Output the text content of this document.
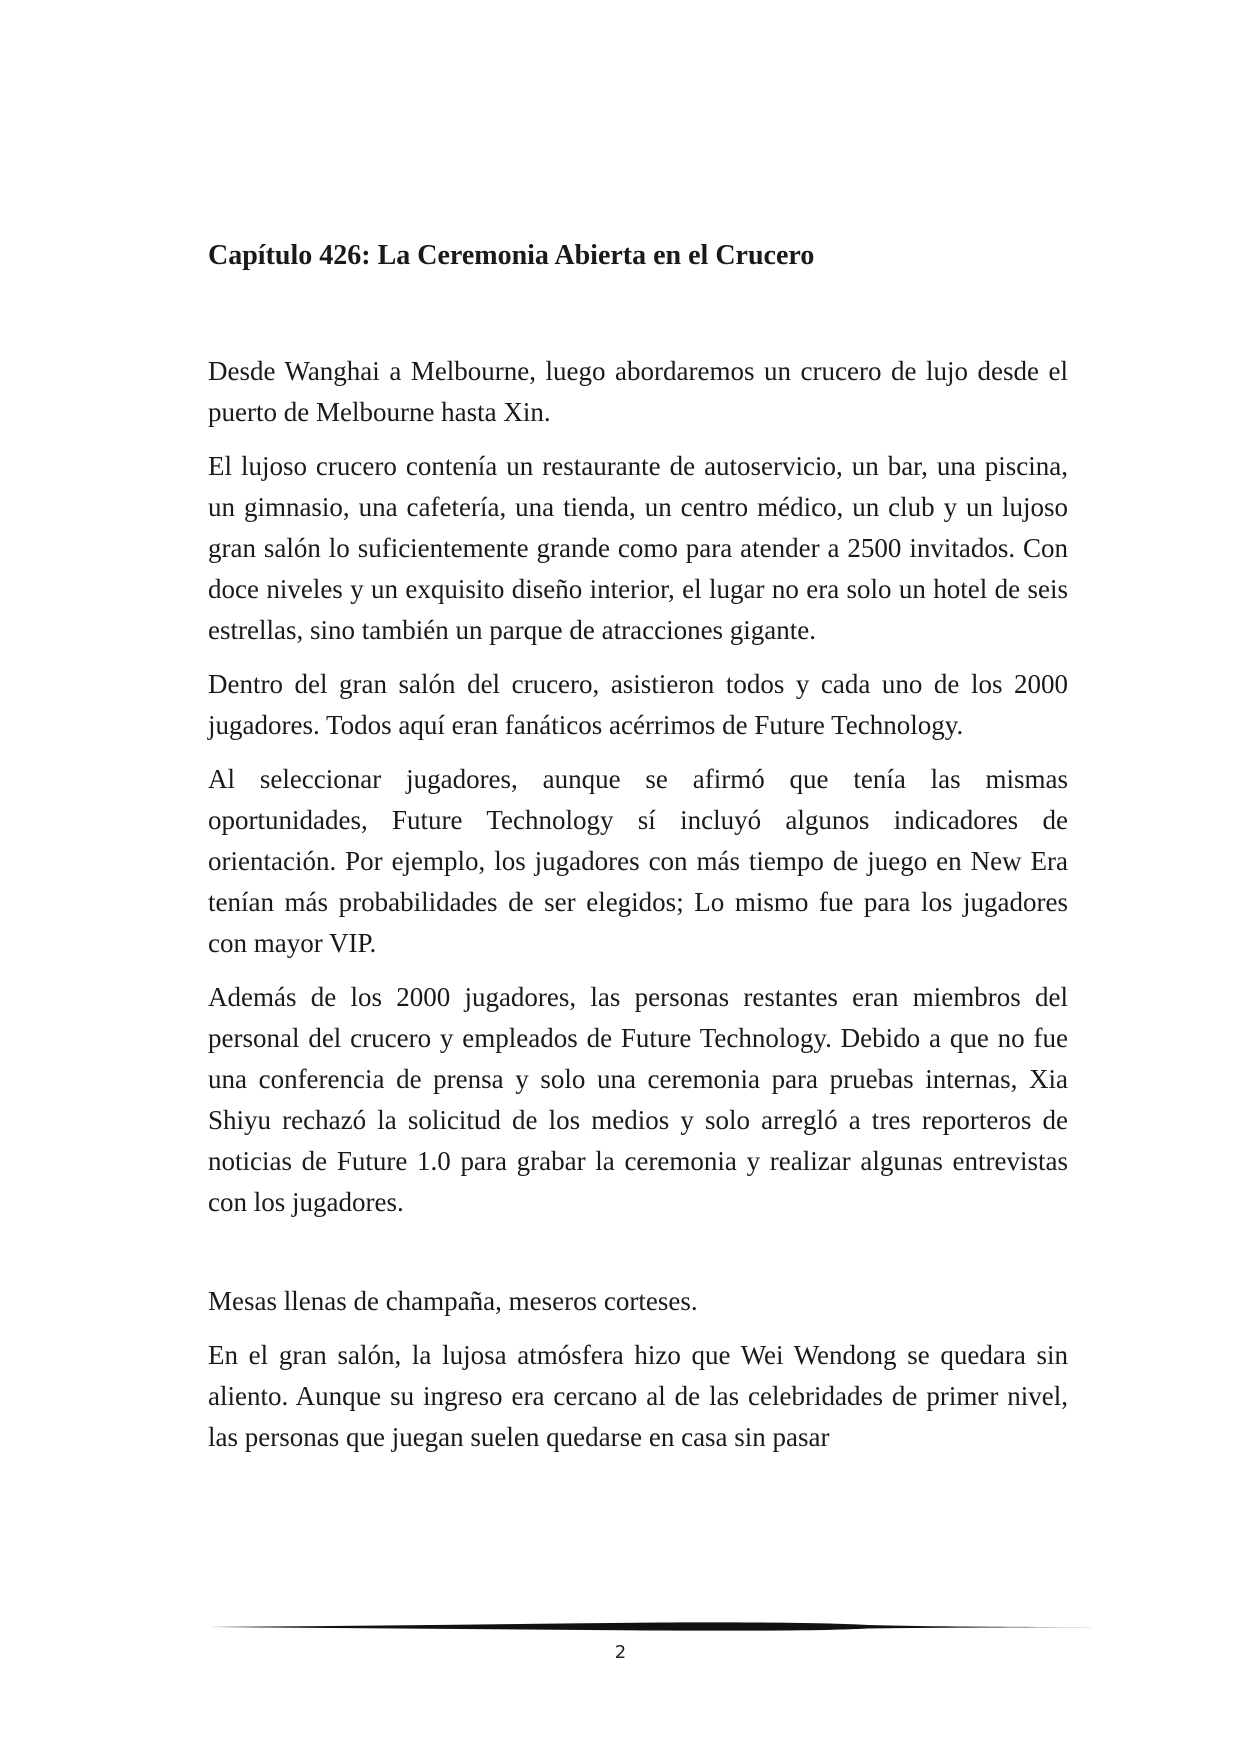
Capítulo 426: La Ceremonia Abierta en el Crucero

Desde Wanghai a Melbourne, luego abordaremos un crucero de lujo desde el puerto de Melbourne hasta Xin.

El lujoso crucero contenía un restaurante de autoservicio, un bar, una piscina, un gimnasio, una cafetería, una tienda, un centro médico, un club y un lujoso gran salón lo suficientemente grande como para atender a 2500 invitados. Con doce niveles y un exquisito diseño interior, el lugar no era solo un hotel de seis estrellas, sino también un parque de atracciones gigante.

Dentro del gran salón del crucero, asistieron todos y cada uno de los 2000 jugadores. Todos aquí eran fanáticos acérrimos de Future Technology.

Al seleccionar jugadores, aunque se afirmó que tenía las mismas oportunidades, Future Technology sí incluyó algunos indicadores de orientación. Por ejemplo, los jugadores con más tiempo de juego en New Era tenían más probabilidades de ser elegidos; Lo mismo fue para los jugadores con mayor VIP.

Además de los 2000 jugadores, las personas restantes eran miembros del personal del crucero y empleados de Future Technology. Debido a que no fue una conferencia de prensa y solo una ceremonia para pruebas internas, Xia Shiyu rechazó la solicitud de los medios y solo arregló a tres reporteros de noticias de Future 1.0 para grabar la ceremonia y realizar algunas entrevistas con los jugadores.

Mesas llenas de champaña, meseros corteses.

En el gran salón, la lujosa atmósfera hizo que Wei Wendong se quedara sin aliento. Aunque su ingreso era cercano al de las celebridades de primer nivel, las personas que juegan suelen quedarse en casa sin pasar

2
